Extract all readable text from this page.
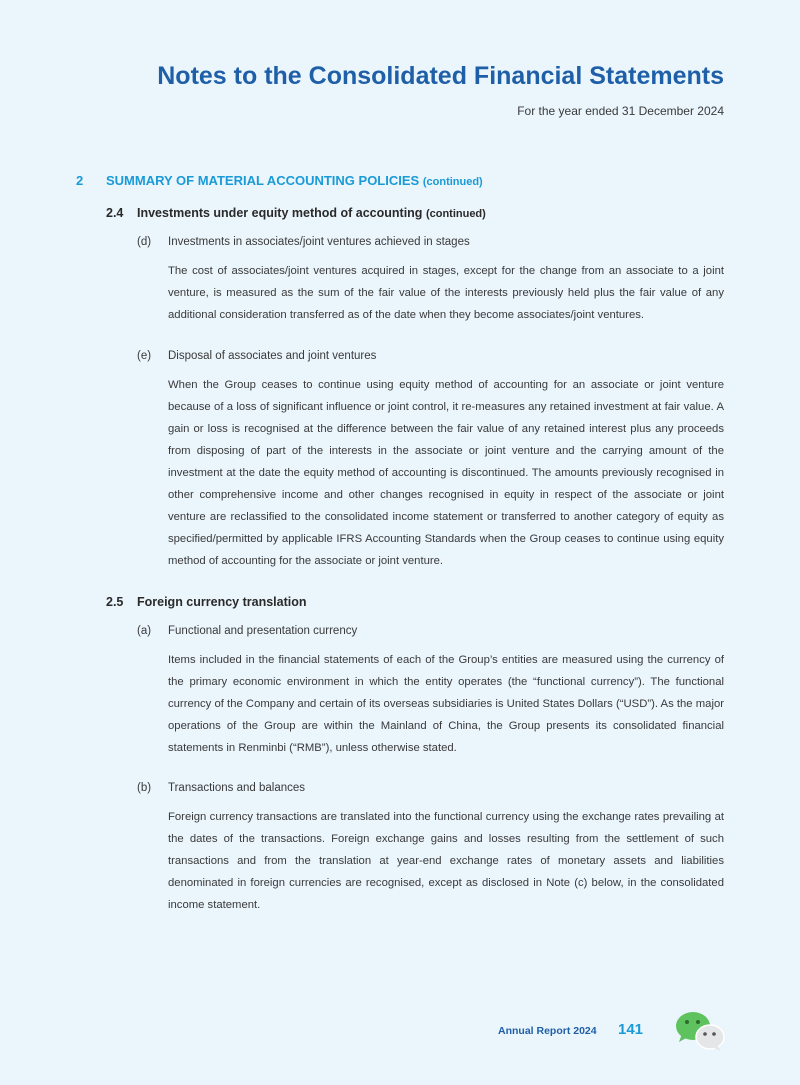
Notes to the Consolidated Financial Statements
For the year ended 31 December 2024
2 SUMMARY OF MATERIAL ACCOUNTING POLICIES (continued)
2.4 Investments under equity method of accounting (continued)
(d) Investments in associates/joint ventures achieved in stages

The cost of associates/joint ventures acquired in stages, except for the change from an associate to a joint venture, is measured as the sum of the fair value of the interests previously held plus the fair value of any additional consideration transferred as of the date when they become associates/joint ventures.

(e) Disposal of associates and joint ventures

When the Group ceases to continue using equity method of accounting for an associate or joint venture because of a loss of significant influence or joint control, it re-measures any retained investment at fair value. A gain or loss is recognised at the difference between the fair value of any retained interest plus any proceeds from disposing of part of the interests in the associate or joint venture and the carrying amount of the investment at the date the equity method of accounting is discontinued. The amounts previously recognised in other comprehensive income and other changes recognised in equity in respect of the associate or joint venture are reclassified to the consolidated income statement or transferred to another category of equity as specified/permitted by applicable IFRS Accounting Standards when the Group ceases to continue using equity method of accounting for the associate or joint venture.

2.5 Foreign currency translation
(a) Functional and presentation currency

Items included in the financial statements of each of the Group’s entities are measured using the currency of the primary economic environment in which the entity operates (the “functional currency”). The functional currency of the Company and certain of its overseas subsidiaries is United States Dollars (“USD”). As the major operations of the Group are within the Mainland of China, the Group presents its consolidated financial statements in Renminbi (“RMB”), unless otherwise stated.

(b) Transactions and balances

Foreign currency transactions are translated into the functional currency using the exchange rates prevailing at the dates of the transactions. Foreign exchange gains and losses resulting from the settlement of such transactions and from the translation at year-end exchange rates of monetary assets and liabilities denominated in foreign currencies are recognised, except as disclosed in Note (c) below, in the consolidated income statement.

Annual Report 2024 141
